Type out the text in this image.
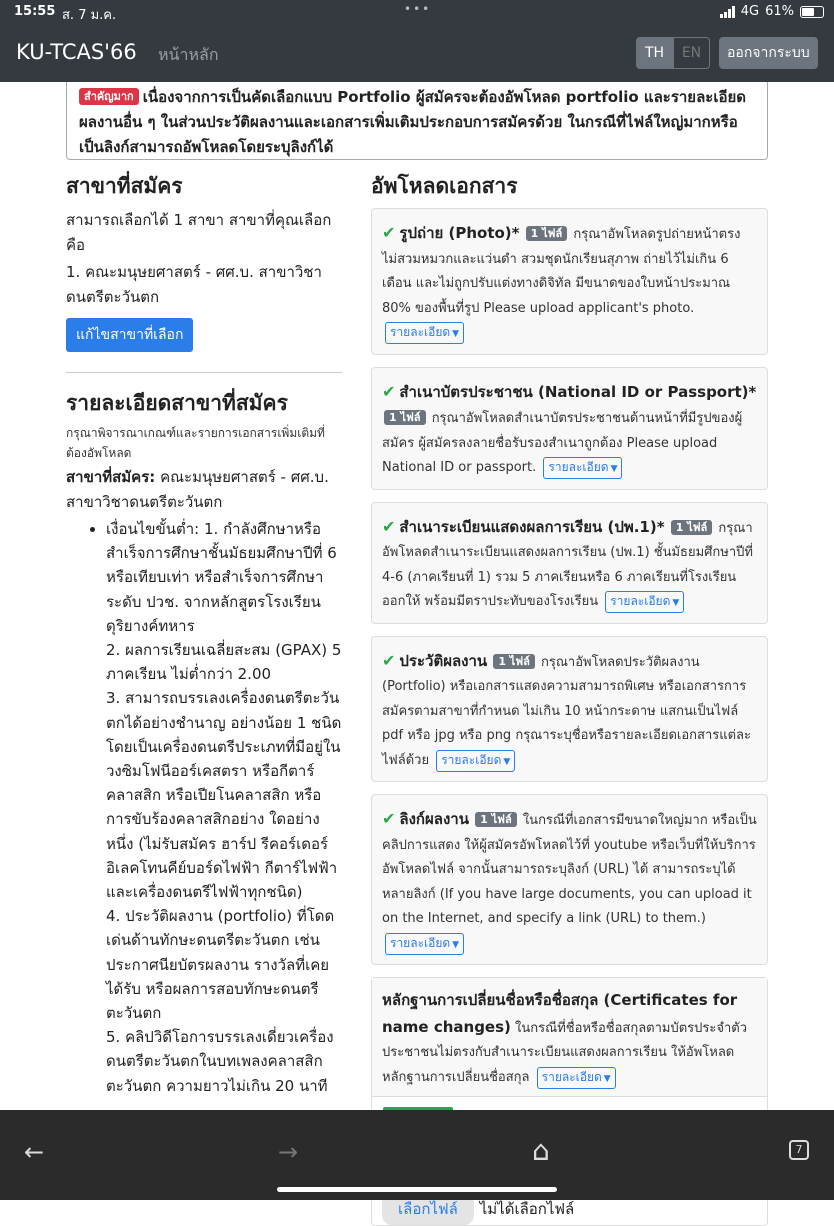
15:55 ส. 7 ม.ค.	•••	4G 61%
KU-TCAS'66 หน้าหลัก	TH	EN	ออกจากระบบ
สำคัญมาก เนื่องจากการเป็นคัดเลือกแบบ Portfolio ผู้สมัครจะต้องอัพโหลด portfolio และรายละเอียดผลงานอื่น ๆ ในส่วนประวัติผลงานและเอกสารเพิ่มเติมประกอบการสมัครด้วย ในกรณีที่ไฟล์ใหญ่มากหรือเป็นลิงก์สามารถอัพโหลดโดยระบุลิงก์ได้
สาขาที่สมัคร
สามารถเลือกได้ 1 สาขา สาขาที่คุณเลือกคือ
1. คณะมนุษยศาสตร์ - ศศ.บ. สาขาวิชาดนตรีตะวันตก
แก้ไขสาขาที่เลือก
รายละเอียดสาขาที่สมัคร
กรุณาพิจารณาเกณฑ์และรายการเอกสารเพิ่มเติมที่ต้องอัพโหลด
สาขาที่สมัคร: คณะมนุษยศาสตร์ - ศศ.บ. สาขาวิชาดนตรีตะวันตก

• เงื่อนไขขั้นต่ำ: 1. กำลังศึกษาหรือสำเร็จการศึกษาชั้นมัธยมศึกษาปีที่ 6 หรือเทียบเท่า หรือสำเร็จการศึกษาระดับ ปวช. จากหลักสูตรโรงเรียนดุริยางค์ทหาร

2. ผลการเรียนเฉลี่ยสะสม (GPAX) 5 ภาคเรียน ไม่ต่ำกว่า 2.00

3. สามารถบรรเลงเครื่องดนตรีตะวันตกได้อย่างชำนาญ อย่างน้อย 1 ชนิด โดยเป็นเครื่องดนตรีประเภทที่มีอยู่ในวงซิมโฟนีออร์เคสตรา หรือกีตาร์คลาสสิก หรือเปียโนคลาสสิก หรือการขับร้องคลาสสิกอย่าง ใดอย่างหนึ่ง (ไม่รับสมัคร ฮาร์ป รีคอร์เดอร์ อิเลคโทนคีย์บอร์ดไฟฟ้า กีตาร์ไฟฟ้า และเครื่องดนตรีไฟฟ้าทุกชนิด)

4. ประวัติผลงาน (portfolio) ที่โดดเด่นด้านทักษะดนตรีตะวันตก เช่น ประกาศนียบัตรผลงาน รางวัลที่เคยได้รับ หรือผลการสอบทักษะดนตรีตะวันตก

5. คลิปวิดีโอการบรรเลงเดี่ยวเครื่องดนตรีตะวันตกในบทเพลงคลาสสิกตะวันตก ความยาวไม่เกิน 20 นาที

อัพโหลดเอกสาร
✔ รูปถ่าย (Photo)* 1 ไฟล์ กรุณาอัพโหลดรูปถ่ายหน้าตรง ไม่สวมหมวกและแว่นดำ สวมชุดนักเรียนสุภาพ ถ่ายไว้ไม่เกิน 6 เดือน และไม่ถูกปรับแต่งทางดิจิทัล มีขนาดของใบหน้าประมาณ 80% ของพื้นที่รูป Please upload applicant's photo. รายละเอียด ▼
✔ สำเนาบัตรประชาชน (National ID or Passport)* 1 ไฟล์ กรุณาอัพโหลดสำเนาบัตรประชาชนด้านหน้าที่มีรูปของผู้สมัคร ผู้สมัครลงลายชื่อรับรองสำเนาถูกต้อง Please upload National ID or passport. รายละเอียด ▼
✔ สำเนาระเบียนแสดงผลการเรียน (ปพ.1)* 1 ไฟล์ กรุณาอัพโหลดสำเนาระเบียนแสดงผลการเรียน (ปพ.1) ชั้นมัธยมศึกษาปีที่ 4-6 (ภาคเรียนที่ 1) รวม 5 ภาคเรียนหรือ 6 ภาคเรียนที่โรงเรียนออกให้ พร้อมมีตราประทับของโรงเรียน รายละเอียด ▼
✔ ประวัติผลงาน 1 ไฟล์ กรุณาอัพโหลดประวัติผลงาน (Portfolio) หรือเอกสารแสดงความสามารถพิเศษ หรือเอกสารการสมัครตามสาขาที่กำหนด ไม่เกิน 10 หน้ากระดาษ แสกนเป็นไฟล์ pdf หรือ jpg หรือ png กรุณาระบุชื่อหรือรายละเอียดเอกสารแต่ละไฟล์ด้วย รายละเอียด ▼
✔ ลิงก์ผลงาน 1 ไฟล์ ในกรณีที่เอกสารมีขนาดใหญ่มาก หรือเป็นคลิปการแสดง ให้ผู้สมัครอัพโหลดไว้ที่ youtube หรือเว็บที่ให้บริการอัพโหลดไฟล์ จากนั้นสามารถระบุลิงก์ (URL) ได้ สามารถระบุได้หลายลิงก์ (If you have large documents, you can upload it on the Internet, and specify a link (URL) to them.) รายละเอียด ▼
หลักฐานการเปลี่ยนชื่อหรือชื่อสกุล (Certificates for name changes) ในกรณีที่ชื่อหรือชื่อสกุลตามบัตรประจำตัวประชาชนไม่ตรงกับสำเนาระเบียนแสดงผลการเรียน ให้อัพโหลดหลักฐานการเปลี่ยนชื่อสกุล รายละเอียด ▼
เลือกไฟล์	ไม่ได้เลือกไฟล์
←	→	⌂	7
